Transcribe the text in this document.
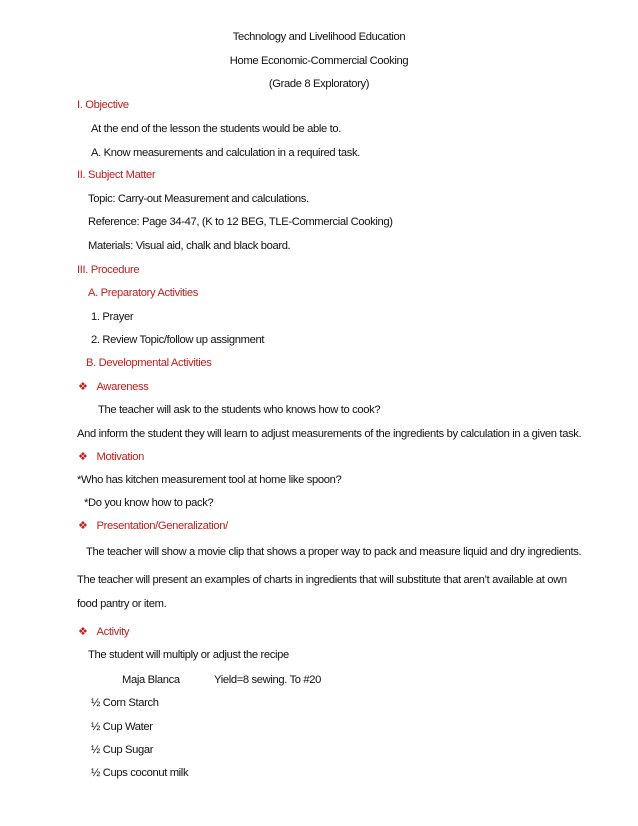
Technology and Livelihood Education
Home Economic-Commercial Cooking
(Grade 8 Exploratory)
I. Objective
At the end of the lesson the students would be able to.
A. Know measurements and calculation in a required task.
II. Subject Matter
Topic: Carry-out Measurement and calculations.
Reference: Page 34-47, (K to 12 BEG, TLE-Commercial Cooking)
Materials: Visual aid, chalk and black board.
III. Procedure
A. Preparatory Activities
1. Prayer
2. Review Topic/follow up assignment
B. Developmental Activities
❖ Awareness
The teacher will ask to the students who knows how to cook?
And inform the student they will learn to adjust measurements of the ingredients by calculation in a given task.
❖ Motivation
*Who has kitchen measurement tool at home like spoon?
*Do you know how to pack?
❖ Presentation/Generalization/
The teacher will show a movie clip that shows a proper way to pack and measure liquid and dry ingredients.
The teacher will present an examples of charts in ingredients that will substitute that aren’t available at own
food pantry or item.
❖ Activity
The student will multiply or adjust the recipe
Maja Blanca	Yield=8 sewing. To #20
½ Corn Starch
½ Cup Water
½ Cup Sugar
½ Cups coconut milk
